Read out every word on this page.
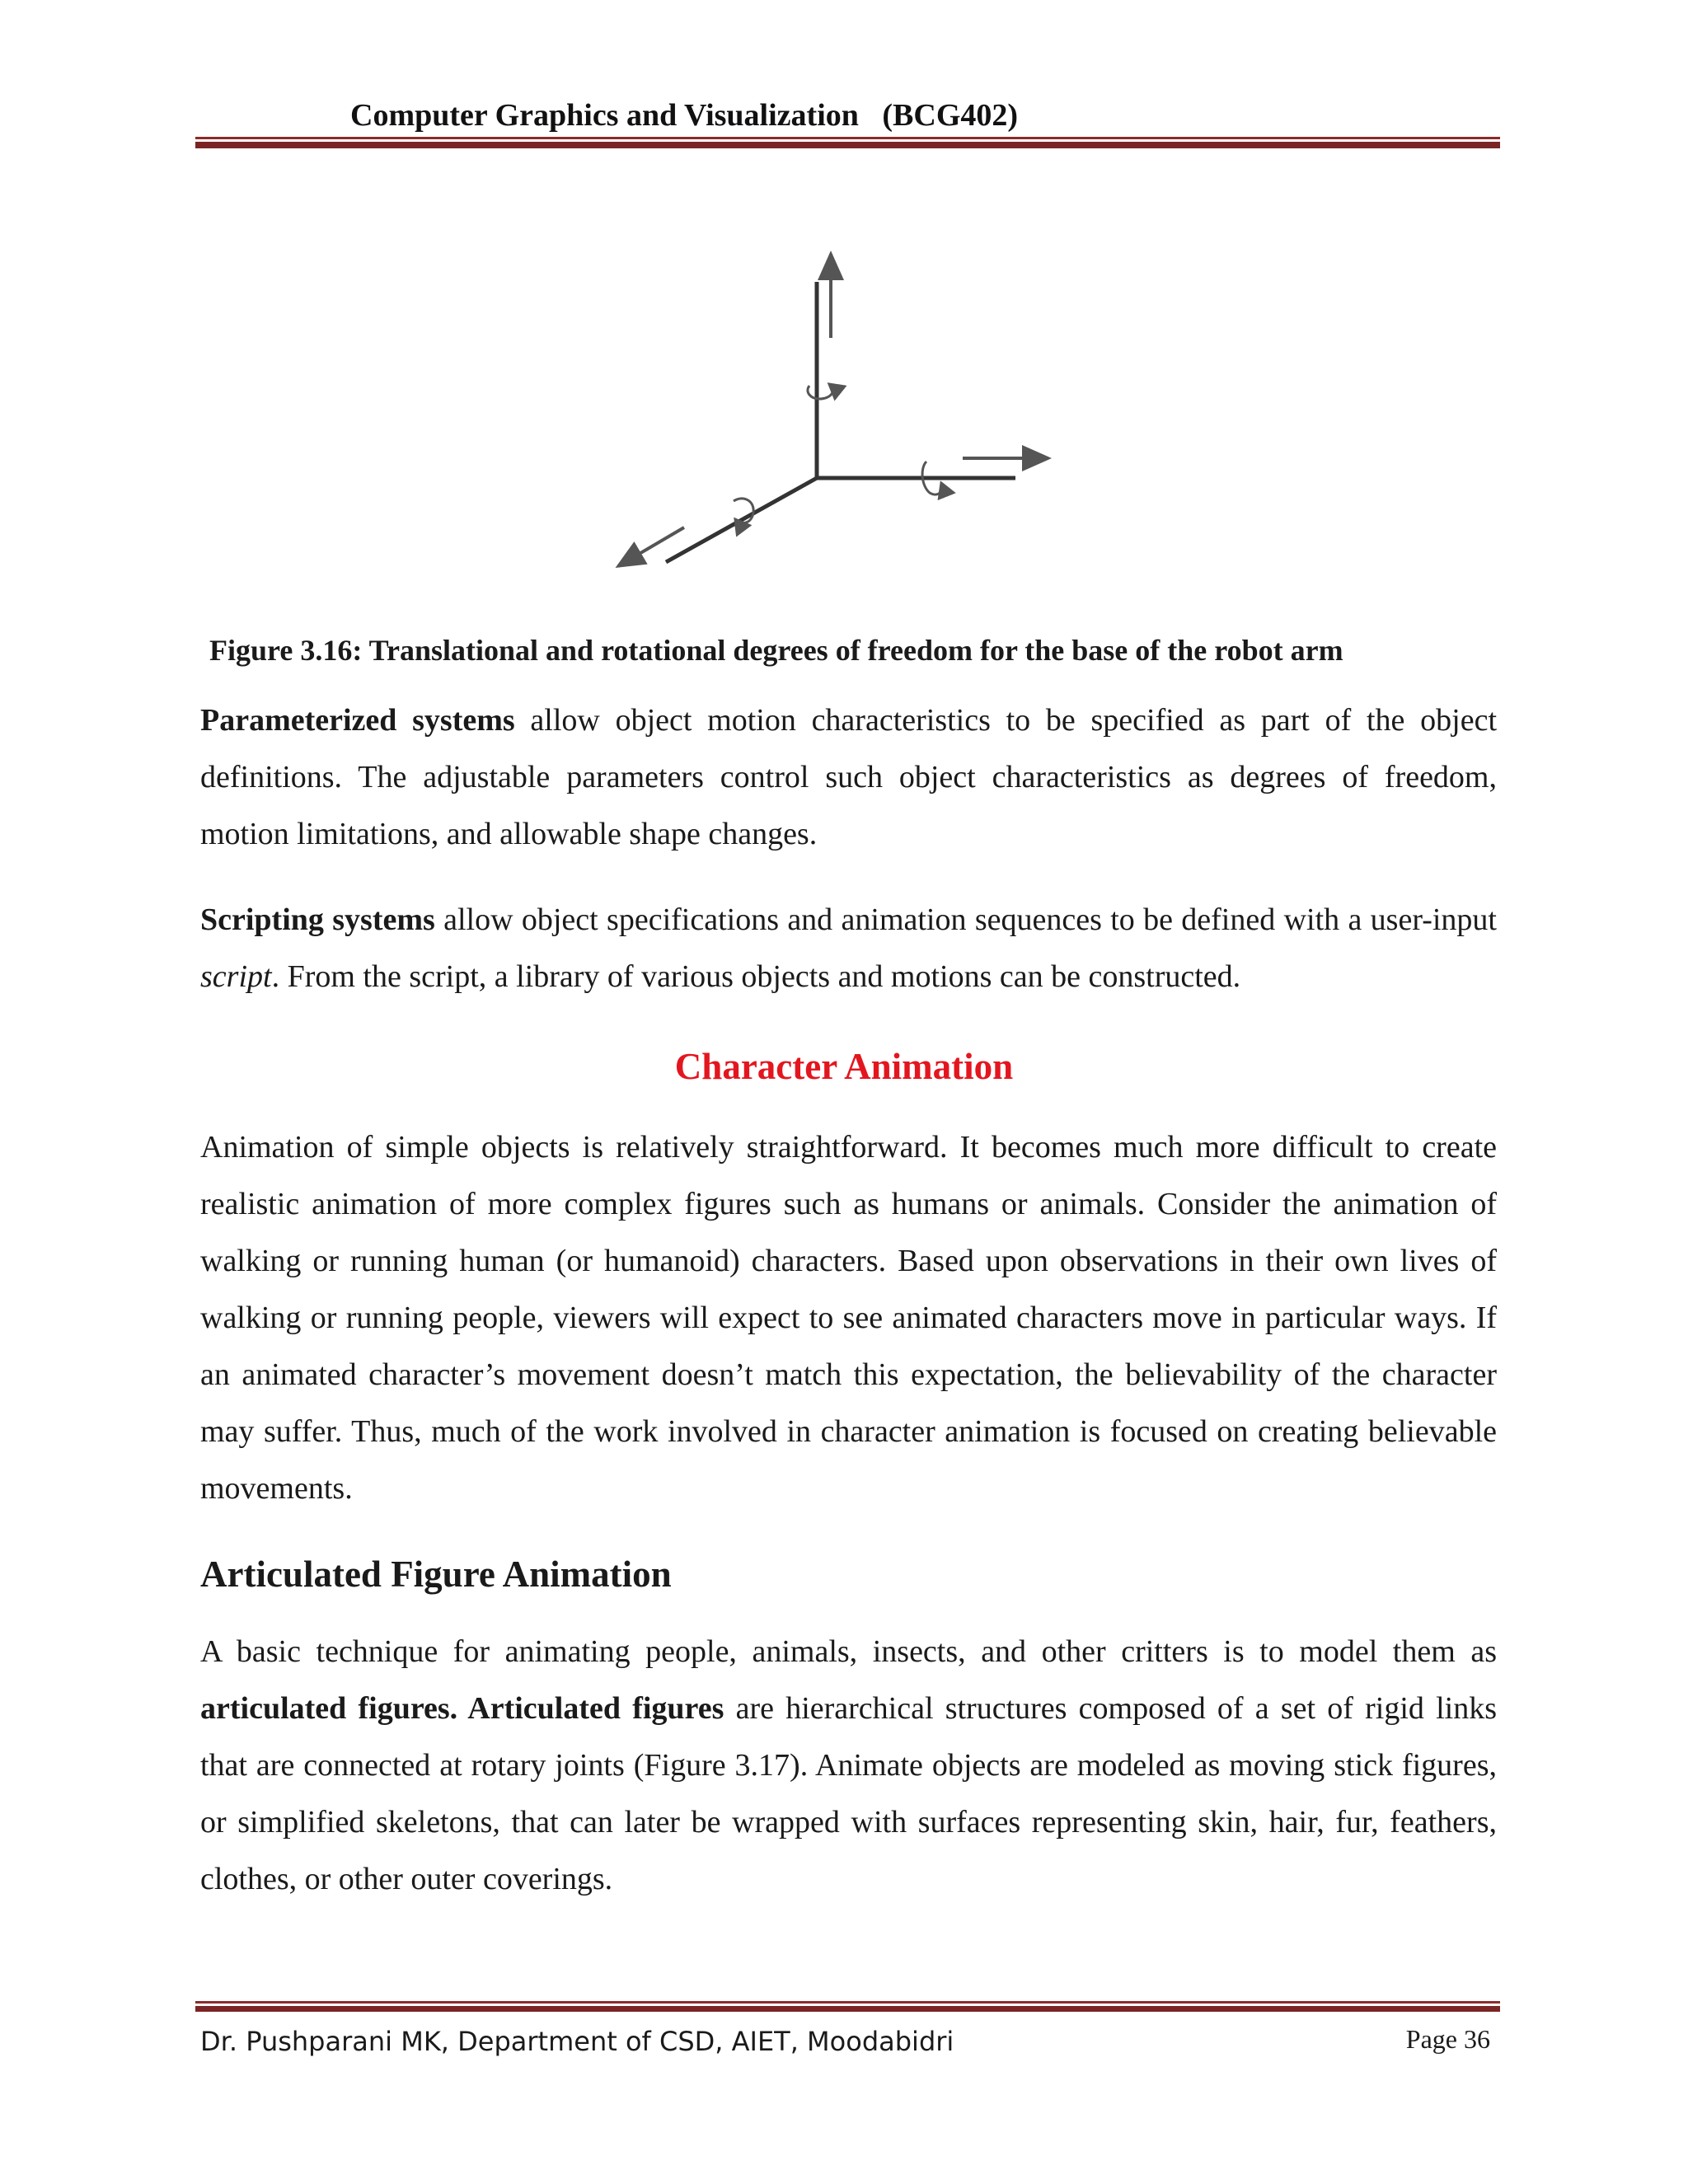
Computer Graphics and Visualization   (BCG402)
Figure 3.16: Translational and rotational degrees of freedom for the base of the robot arm
Parameterized systems allow object motion characteristics to be specified as part of the object definitions. The adjustable parameters control such object characteristics as degrees of freedom, motion limitations, and allowable shape changes.
Scripting systems allow object specifications and animation sequences to be defined with a user-input script. From the script, a library of various objects and motions can be constructed.
Character Animation
Animation of simple objects is relatively straightforward. It becomes much more difficult to create realistic animation of more complex figures such as humans or animals. Consider the animation of walking or running human (or humanoid) characters. Based upon observations in their own lives of walking or running people, viewers will expect to see animated characters move in particular ways. If an animated character’s movement doesn’t match this expectation, the believability of the character may suffer. Thus, much of the work involved in character animation is focused on creating believable movements.
Articulated Figure Animation
A basic technique for animating people, animals, insects, and other critters is to model them as articulated figures. Articulated figures are hierarchical structures composed of a set of rigid links that are connected at rotary joints (Figure 3.17). Animate objects are modeled as moving stick figures, or simplified skeletons, that can later be wrapped with surfaces representing skin, hair, fur, feathers, clothes, or other outer coverings.
Dr. Pushparani MK, Department of CSD, AIET, Moodabidri	Page 36
